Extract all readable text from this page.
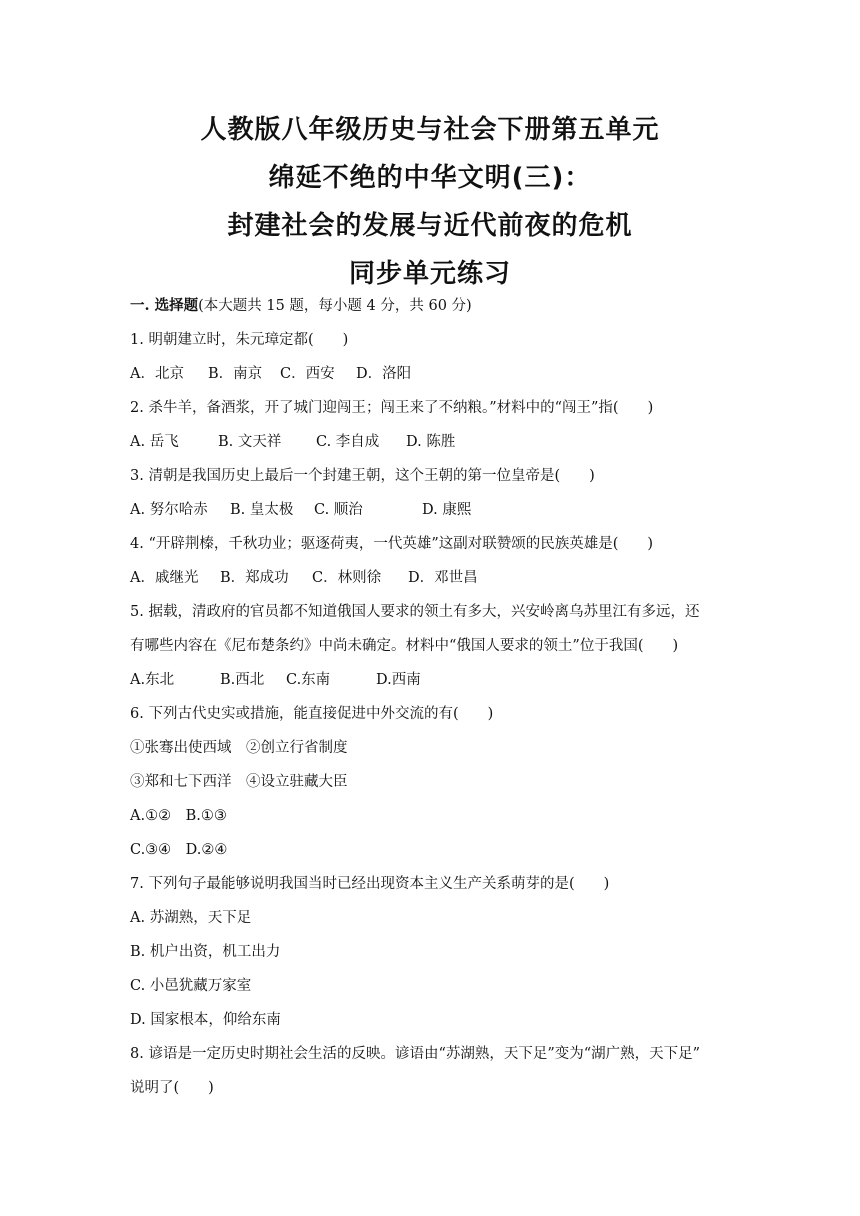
人教版八年级历史与社会下册第五单元
绵延不绝的中华文明(三)：
封建社会的发展与近代前夜的危机
同步单元练习
一. 选择题(本大题共 15 题，每小题 4 分，共 60 分)
1. 明朝建立时，朱元璋定都(　　)
A．北京 B．南京 C．西安 D．洛阳
2. 杀牛羊，备酒浆，开了城门迎闯王；闯王来了不纳粮。”材料中的“闯王”指(　　)
A. 岳飞	B. 文天祥 C. 李自成 D. 陈胜
3. 清朝是我国历史上最后一个封建王朝，这个王朝的第一位皇帝是(　　)
A. 努尔哈赤 B. 皇太极 C. 顺治	D. 康熙
4. “开辟荆榛，千秋功业；驱逐荷夷，一代英雄”这副对联赞颂的民族英雄是(　　)
A．戚继光 B．郑成功 C．林则徐 D．邓世昌
5. 据载，清政府的官员都不知道俄国人要求的领土有多大，兴安岭离乌苏里江有多远，还
有哪些内容在《尼布楚条约》中尚未确定。材料中“俄国人要求的领土”位于我国(　　)
A.东北	B.西北 C.东南	D.西南
6. 下列古代史实或措施，能直接促进中外交流的有(　　)
①张骞出使西域　②创立行省制度
③郑和七下西洋　④设立驻藏大臣
A.①②　B.①③
C.③④　D.②④
7. 下列句子最能够说明我国当时已经出现资本主义生产关系萌芽的是(　　)
A. 苏湖熟，天下足
B. 机户出资，机工出力
C. 小邑犹藏万家室
D. 国家根本，仰给东南
8. 谚语是一定历史时期社会生活的反映。谚语由“苏湖熟，天下足”变为“湖广熟，天下足”
说明了(　　)
